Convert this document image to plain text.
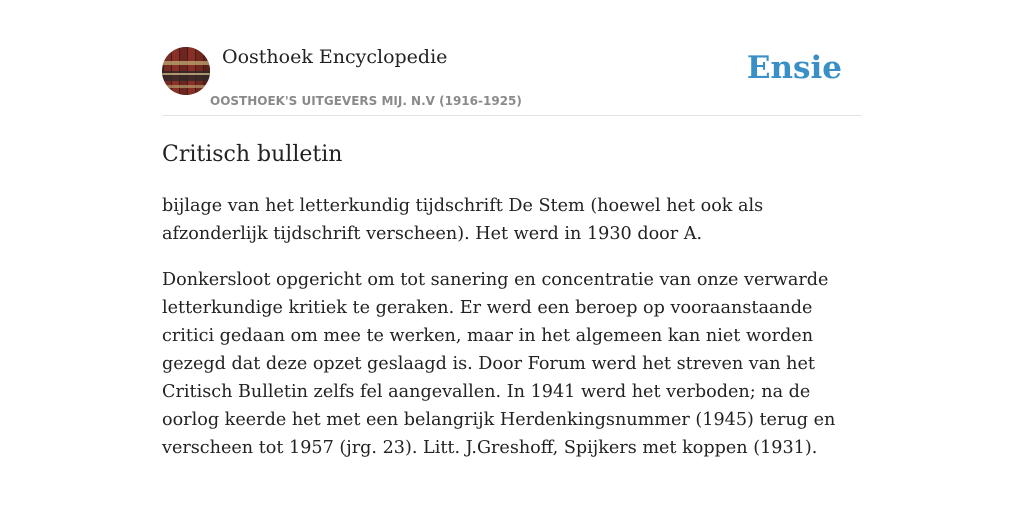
Oosthoek Encyclopedie
OOSTHOEK'S UITGEVERS MIJ. N.V (1916-1925)
Ensie
Critisch bulletin

bijlage van het letterkundig tijdschrift De Stem (hoewel het ook als afzonderlijk tijdschrift verscheen). Het werd in 1930 door A.

Donkersloot opgericht om tot sanering en concentratie van onze verwarde letterkundige kritiek te geraken. Er werd een beroep op vooraanstaande critici gedaan om mee te werken, maar in het algemeen kan niet worden gezegd dat deze opzet geslaagd is. Door Forum werd het streven van het Critisch Bulletin zelfs fel aangevallen. In 1941 werd het verboden; na de oorlog keerde het met een belangrijk Herdenkingsnummer (1945) terug en verscheen tot 1957 (jrg. 23). Litt. J.Greshoff, Spijkers met koppen (1931).
